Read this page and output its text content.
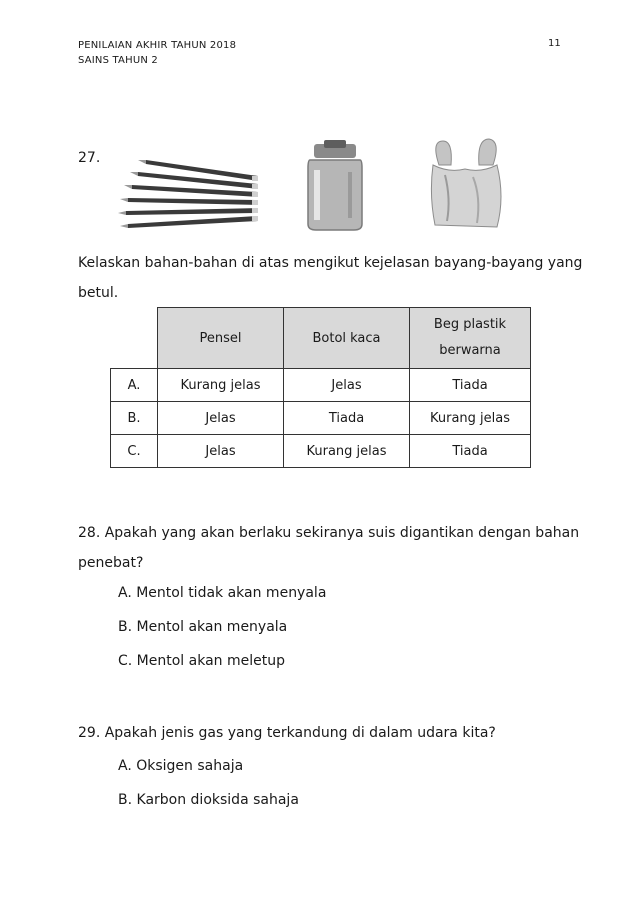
PENILAIAN AKHIR TAHUN 2018
SAINS TAHUN 2
11
27.
Kelaskan bahan-bahan di atas mengikut kejelasan bayang-bayang yang
betul.
	Pensel	Botol kaca	Beg plastik
berwarna

A.	Kurang jelas	Jelas	Tiada
B.	Jelas	Tiada	Kurang jelas
C.	Jelas	Kurang jelas	Tiada
28. Apakah yang akan berlaku sekiranya suis digantikan dengan bahan
penebat?
A. Mentol tidak akan menyala
B. Mentol akan menyala
C. Mentol akan meletup
29. Apakah jenis gas yang terkandung di dalam udara kita?
A. Oksigen sahaja
B. Karbon dioksida sahaja
